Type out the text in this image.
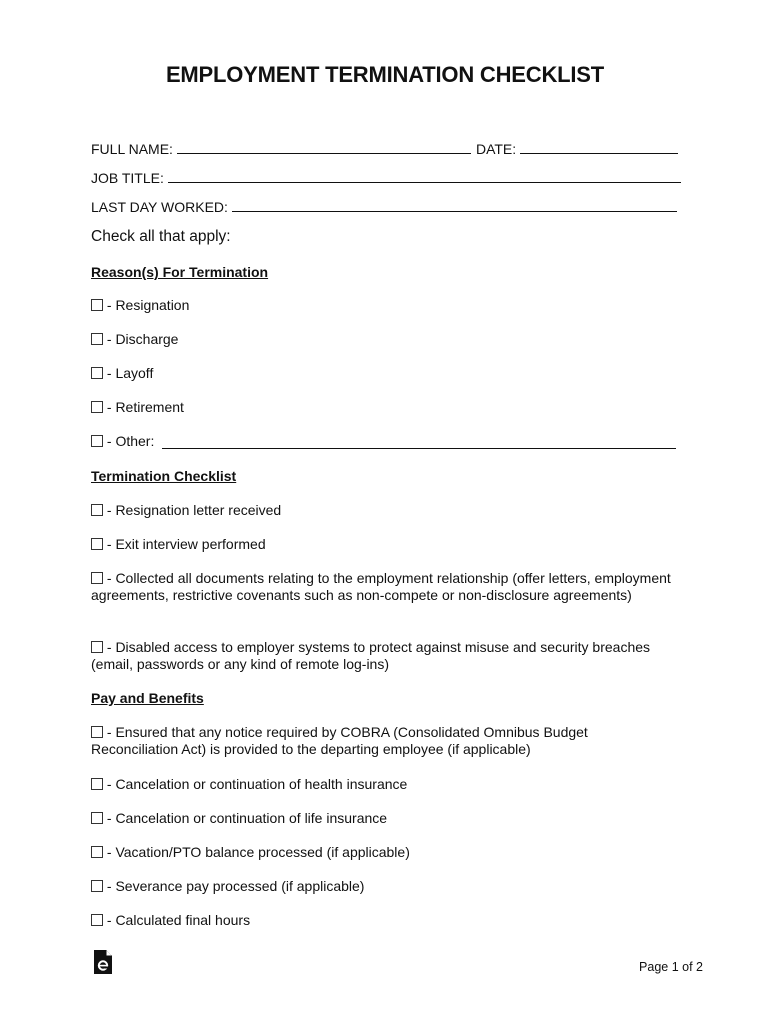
EMPLOYMENT TERMINATION CHECKLIST
FULL NAME:	DATE:
JOB TITLE:
LAST DAY WORKED:
Check all that apply:
Reason(s) For Termination
- Resignation
- Discharge
- Layoff
- Retirement
- Other:
Termination Checklist
- Resignation letter received
- Exit interview performed
- Collected all documents relating to the employment relationship (offer letters, employment agreements, restrictive covenants such as non-compete or non-disclosure agreements)
- Disabled access to employer systems to protect against misuse and security breaches (email, passwords or any kind of remote log-ins)
Pay and Benefits
- Ensured that any notice required by COBRA (Consolidated Omnibus Budget Reconciliation Act) is provided to the departing employee (if applicable)
- Cancelation or continuation of health insurance
- Cancelation or continuation of life insurance
- Vacation/PTO balance processed (if applicable)
- Severance pay processed (if applicable)
- Calculated final hours
Page 1 of 2
